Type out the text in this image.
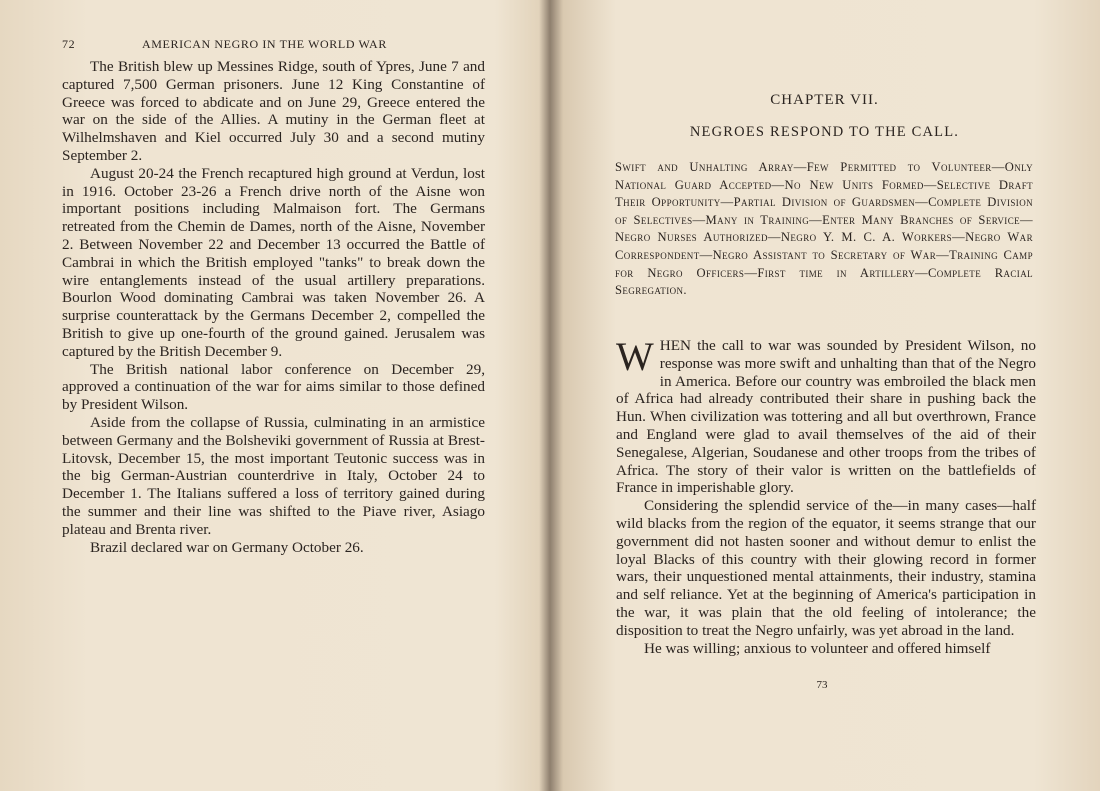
72	AMERICAN NEGRO IN THE WORLD WAR

The British blew up Messines Ridge, south of Ypres, June 7 and captured 7,500 German prisoners. June 12 King Constantine of Greece was forced to abdicate and on June 29, Greece entered the war on the side of the Allies. A mutiny in the German fleet at Wilhelmshaven and Kiel occurred July 30 and a second mutiny September 2.

August 20-24 the French recaptured high ground at Verdun, lost in 1916. October 23-26 a French drive north of the Aisne won important positions including Malmaison fort. The Germans retreated from the Chemin de Dames, north of the Aisne, November 2. Between November 22 and December 13 occurred the Battle of Cambrai in which the British employed "tanks" to break down the wire entanglements instead of the usual artillery preparations. Bourlon Wood dominating Cambrai was taken November 26. A surprise counterattack by the Germans December 2, compelled the British to give up one-fourth of the ground gained. Jerusalem was captured by the British December 9.

The British national labor conference on December 29, approved a continuation of the war for aims similar to those defined by President Wilson.

Aside from the collapse of Russia, culminating in an armistice between Germany and the Bolsheviki government of Russia at Brest-Litovsk, December 15, the most important Teutonic success was in the big German-Austrian counterdrive in Italy, October 24 to December 1. The Italians suffered a loss of territory gained during the summer and their line was shifted to the Piave river, Asiago plateau and Brenta river.

Brazil declared war on Germany October 26.

CHAPTER VII.
NEGROES RESPOND TO THE CALL.
Swift and Unhalting Array—Few Permitted to Volunteer—Only National Guard Accepted—No New Units Formed—Selective Draft Their Opportunity—Partial Division of Guardsmen—Complete Division of Selectives—Many in Training—Enter Many Branches of Service—Negro Nurses Authorized—Negro Y. M. C. A. Workers—Negro War Correspondent—Negro Assistant to Secretary of War—Training Camp for Negro Officers—First time in Artillery—Complete Racial Segregation.

WHEN the call to war was sounded by President Wilson, no response was more swift and unhalting than that of the Negro in America. Before our country was embroiled the black men of Africa had already contributed their share in pushing back the Hun. When civilization was tottering and all but overthrown, France and England were glad to avail themselves of the aid of their Senegalese, Algerian, Soudanese and other troops from the tribes of Africa. The story of their valor is written on the battlefields of France in imperishable glory.

Considering the splendid service of the—in many cases—half wild blacks from the region of the equator, it seems strange that our government did not hasten sooner and without demur to enlist the loyal Blacks of this country with their glowing record in former wars, their unquestioned mental attainments, their industry, stamina and self reliance. Yet at the beginning of America's participation in the war, it was plain that the old feeling of intolerance; the disposition to treat the Negro unfairly, was yet abroad in the land.

He was willing; anxious to volunteer and offered himself

73
